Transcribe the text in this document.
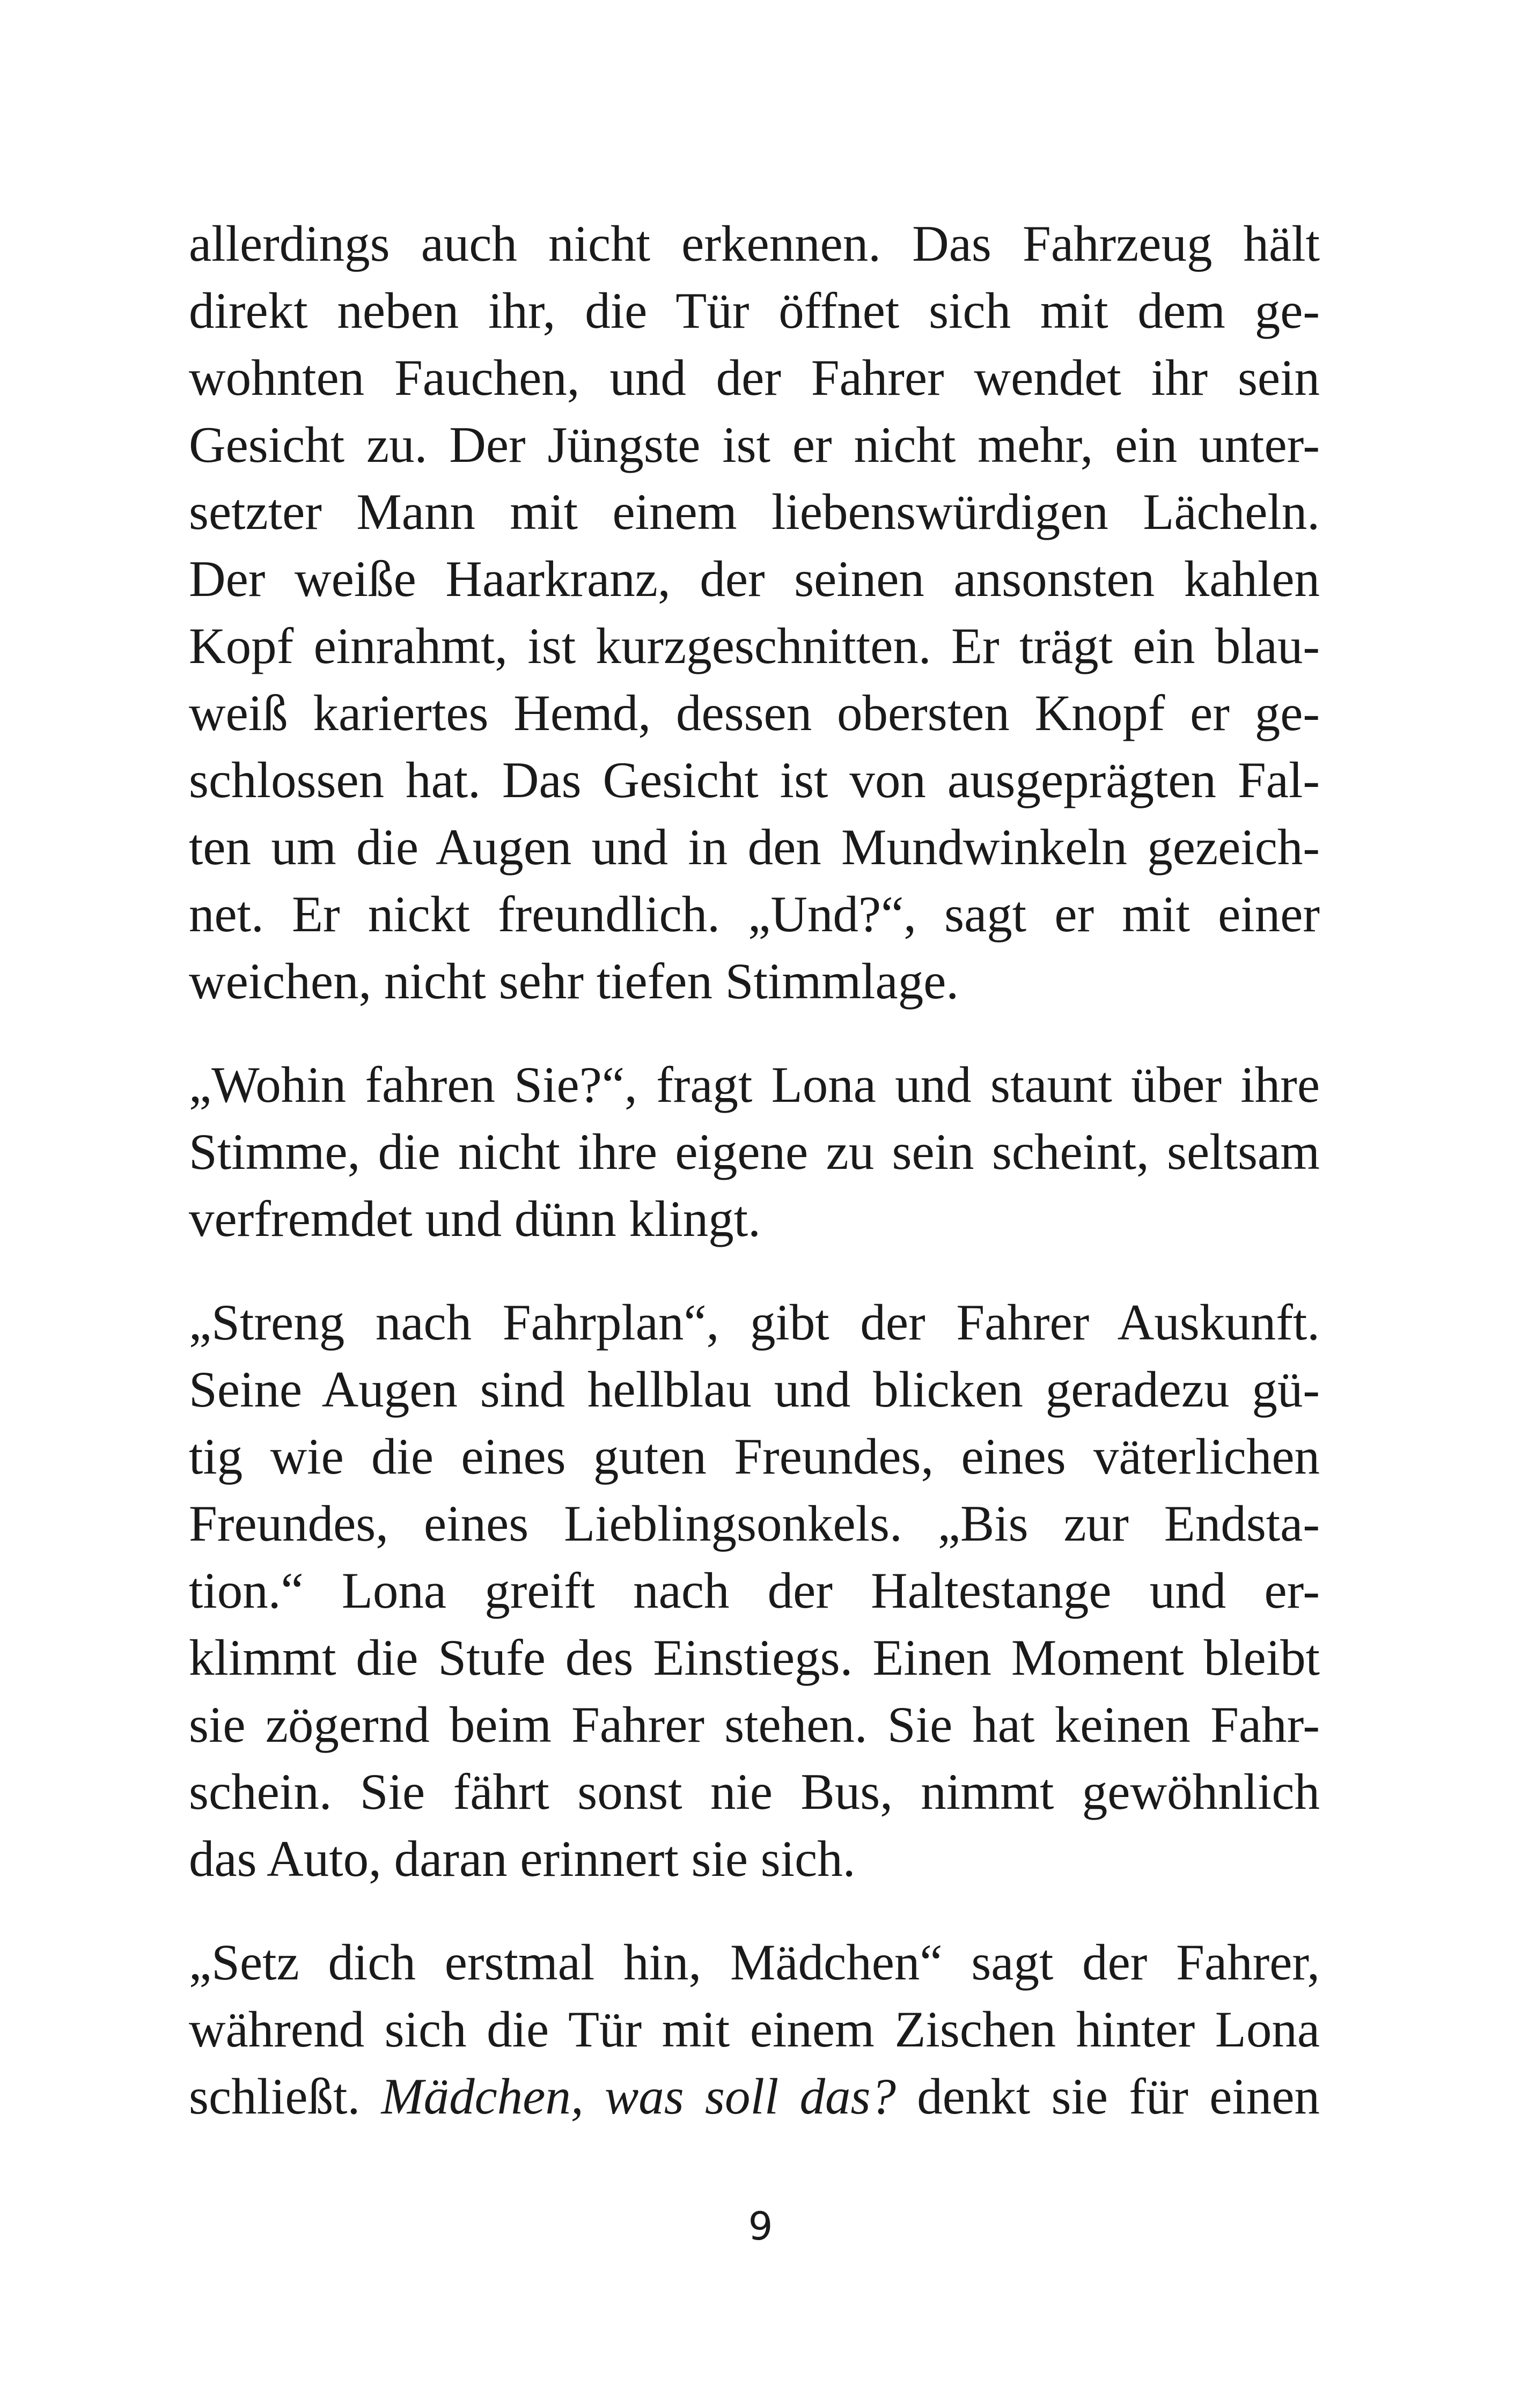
allerdings auch nicht erkennen. Das Fahrzeug hält
direkt neben ihr, die Tür öffnet sich mit dem ge-
wohnten Fauchen, und der Fahrer wendet ihr sein
Gesicht zu. Der Jüngste ist er nicht mehr, ein unter-
setzter Mann mit einem liebenswürdigen Lächeln.
Der weiße Haarkranz, der seinen ansonsten kahlen
Kopf einrahmt, ist kurzgeschnitten. Er trägt ein blau-
weiß kariertes Hemd, dessen obersten Knopf er ge-
schlossen hat. Das Gesicht ist von ausgeprägten Fal-
ten um die Augen und in den Mundwinkeln gezeich-
net. Er nickt freundlich. „Und?“, sagt er mit einer
weichen, nicht sehr tiefen Stimmlage.
„Wohin fahren Sie?“, fragt Lona und staunt über ihre
Stimme, die nicht ihre eigene zu sein scheint, seltsam
verfremdet und dünn klingt.
„Streng nach Fahrplan“, gibt der Fahrer Auskunft.
Seine Augen sind hellblau und blicken geradezu gü-
tig wie die eines guten Freundes, eines väterlichen
Freundes, eines Lieblingsonkels. „Bis zur Endsta-
tion.“ Lona greift nach der Haltestange und er-
klimmt die Stufe des Einstiegs. Einen Moment bleibt
sie zögernd beim Fahrer stehen. Sie hat keinen Fahr-
schein. Sie fährt sonst nie Bus, nimmt gewöhnlich
das Auto, daran erinnert sie sich.
„Setz dich erstmal hin, Mädchen“ sagt der Fahrer,
während sich die Tür mit einem Zischen hinter Lona
schließt. Mädchen, was soll das? denkt sie für einen
9
